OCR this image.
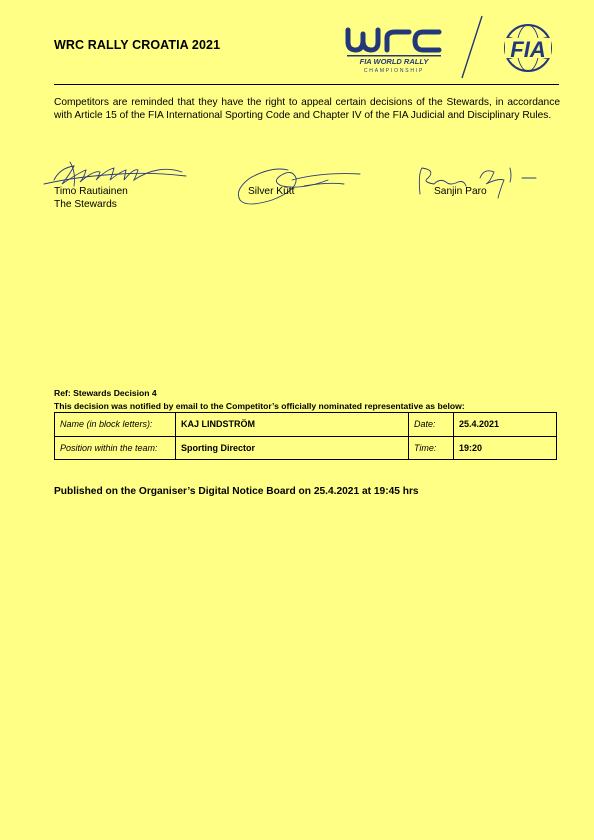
WRC RALLY CROATIA 2021
FIA WORLD RALLY
CHAMPIONSHIP
FIA
Competitors are reminded that they have the right to appeal certain decisions of the Stewards, in accordance with Article 15 of the FIA International Sporting Code and Chapter IV of the FIA Judicial and Disciplinary Rules.
Timo Rautiainen
The Stewards
Silver Kütt	Sanjin Paro
Ref: Stewards Decision 4
This decision was notified by email to the Competitor’s officially nominated representative as below:
Name (in block letters):	KAJ LINDSTRÖM	Date:	25.4.2021
Position within the team:	Sporting Director	Time:	19:20
Published on the Organiser’s Digital Notice Board on 25.4.2021 at 19:45 hrs
